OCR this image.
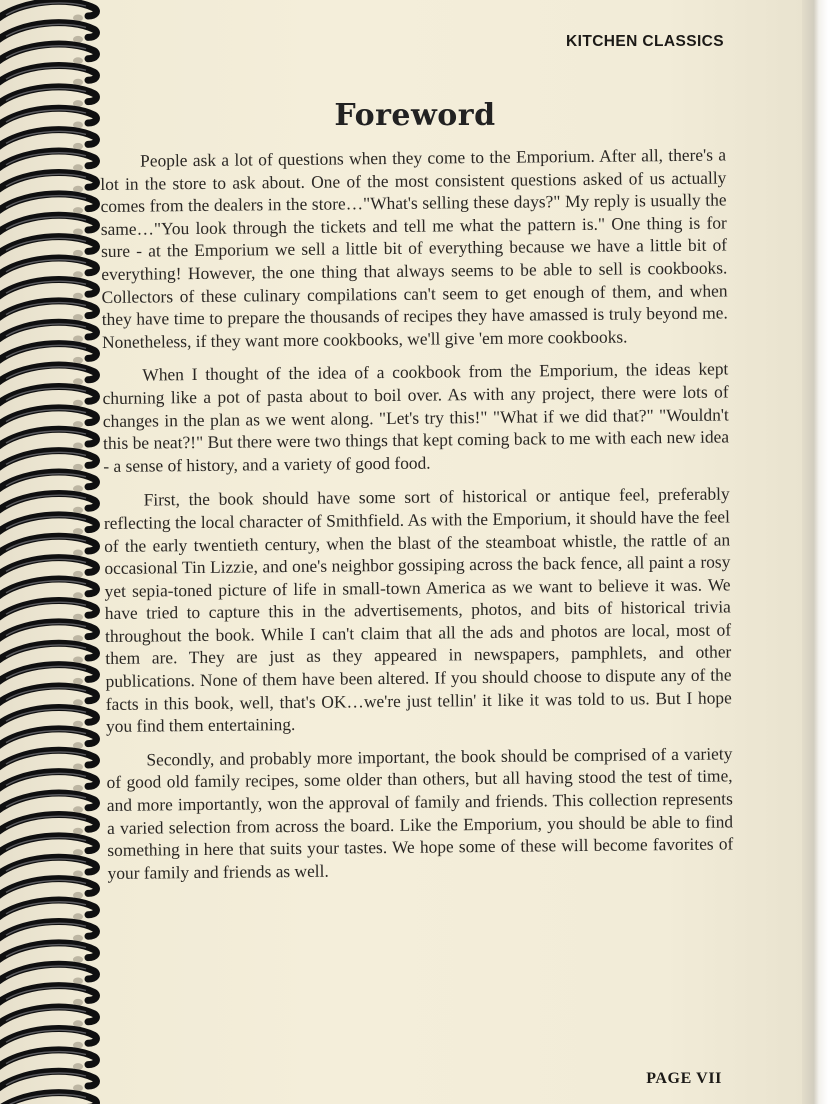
KITCHEN CLASSICS
Foreword

People ask a lot of questions when they come to the Emporium. After all, there's a lot in the store to ask about. One of the most consistent questions asked of us actually comes from the dealers in the store…"What's selling these days?" My reply is usually the same…"You look through the tickets and tell me what the pattern is." One thing is for sure - at the Emporium we sell a little bit of everything because we have a little bit of everything! However, the one thing that always seems to be able to sell is cookbooks. Collectors of these culinary compilations can't seem to get enough of them, and when they have time to prepare the thousands of recipes they have amassed is truly beyond me. Nonetheless, if they want more cookbooks, we'll give 'em more cookbooks.

When I thought of the idea of a cookbook from the Emporium, the ideas kept churning like a pot of pasta about to boil over. As with any project, there were lots of changes in the plan as we went along. "Let's try this!" "What if we did that?" "Wouldn't this be neat?!" But there were two things that kept coming back to me with each new idea - a sense of history, and a variety of good food.

First, the book should have some sort of historical or antique feel, preferably reflecting the local character of Smithfield. As with the Emporium, it should have the feel of the early twentieth century, when the blast of the steamboat whistle, the rattle of an occasional Tin Lizzie, and one's neighbor gossiping across the back fence, all paint a rosy yet sepia-toned picture of life in small-town America as we want to believe it was. We have tried to capture this in the advertisements, photos, and bits of historical trivia throughout the book. While I can't claim that all the ads and photos are local, most of them are. They are just as they appeared in newspapers, pamphlets, and other publications. None of them have been altered. If you should choose to dispute any of the facts in this book, well, that's OK…we're just tellin' it like it was told to us. But I hope you find them entertaining.

Secondly, and probably more important, the book should be comprised of a variety of good old family recipes, some older than others, but all having stood the test of time, and more importantly, won the approval of family and friends. This collection represents a varied selection from across the board. Like the Emporium, you should be able to find something in here that suits your tastes. We hope some of these will become favorites of your family and friends as well.

PAGE VII
